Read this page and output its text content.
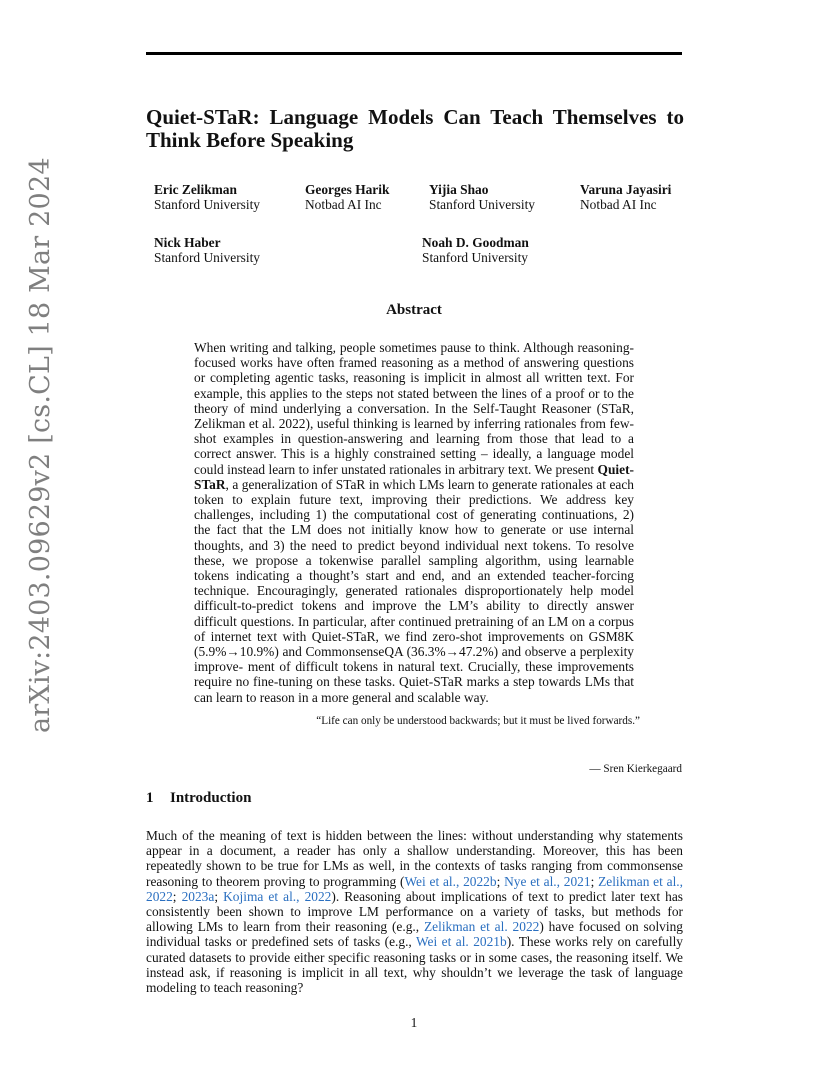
arXiv:2403.09629v2 [cs.CL] 18 Mar 2024
Quiet-STaR: Language Models Can Teach Themselves to Think Before Speaking
Eric Zelikman
Stanford University
Georges Harik
Notbad AI Inc
Yijia Shao
Stanford University
Varuna Jayasiri
Notbad AI Inc
Nick Haber
Stanford University
Noah D. Goodman
Stanford University
Abstract

When writing and talking, people sometimes pause to think. Although reasoning-focused works have often framed reasoning as a method of answering questions or completing agentic tasks, reasoning is implicit in almost all written text. For example, this applies to the steps not stated between the lines of a proof or to the theory of mind underlying a conversation. In the Self-Taught Reasoner (STaR, Zelikman et al. 2022), useful thinking is learned by inferring rationales from few-shot examples in question-answering and learning from those that lead to a correct answer. This is a highly constrained setting – ideally, a language model could instead learn to infer unstated rationales in arbitrary text. We present Quiet-STaR, a generalization of STaR in which LMs learn to generate rationales at each token to explain future text, improving their predictions. We address key challenges, including 1) the computational cost of generating continuations, 2) the fact that the LM does not initially know how to generate or use internal thoughts, and 3) the need to predict beyond individual next tokens. To resolve these, we propose a tokenwise parallel sampling algorithm, using learnable tokens indicating a thought’s start and end, and an extended teacher-forcing technique. Encouragingly, generated rationales disproportionately help model difficult-to-predict tokens and improve the LM’s ability to directly answer difficult questions. In particular, after continued pretraining of an LM on a corpus of internet text with Quiet-STaR, we find zero-shot improvements on GSM8K (5.9%→10.9%) and CommonsenseQA (36.3%→47.2%) and observe a perplexity improve- ment of difficult tokens in natural text. Crucially, these improvements require no fine-tuning on these tasks. Quiet-STaR marks a step towards LMs that can learn to reason in a more general and scalable way.

“Life can only be understood backwards; but it must be lived forwards.”
— Sren Kierkegaard
1 Introduction

Much of the meaning of text is hidden between the lines: without understanding why statements appear in a document, a reader has only a shallow understanding. Moreover, this has been repeatedly shown to be true for LMs as well, in the contexts of tasks ranging from commonsense reasoning to theorem proving to programming (Wei et al., 2022b; Nye et al., 2021; Zelikman et al., 2022; 2023a; Kojima et al., 2022). Reasoning about implications of text to predict later text has consistently been shown to improve LM performance on a variety of tasks, but methods for allowing LMs to learn from their reasoning (e.g., Zelikman et al. 2022) have focused on solving individual tasks or predefined sets of tasks (e.g., Wei et al. 2021b). These works rely on carefully curated datasets to provide either specific reasoning tasks or in some cases, the reasoning itself. We instead ask, if reasoning is implicit in all text, why shouldn’t we leverage the task of language modeling to teach reasoning?

1
